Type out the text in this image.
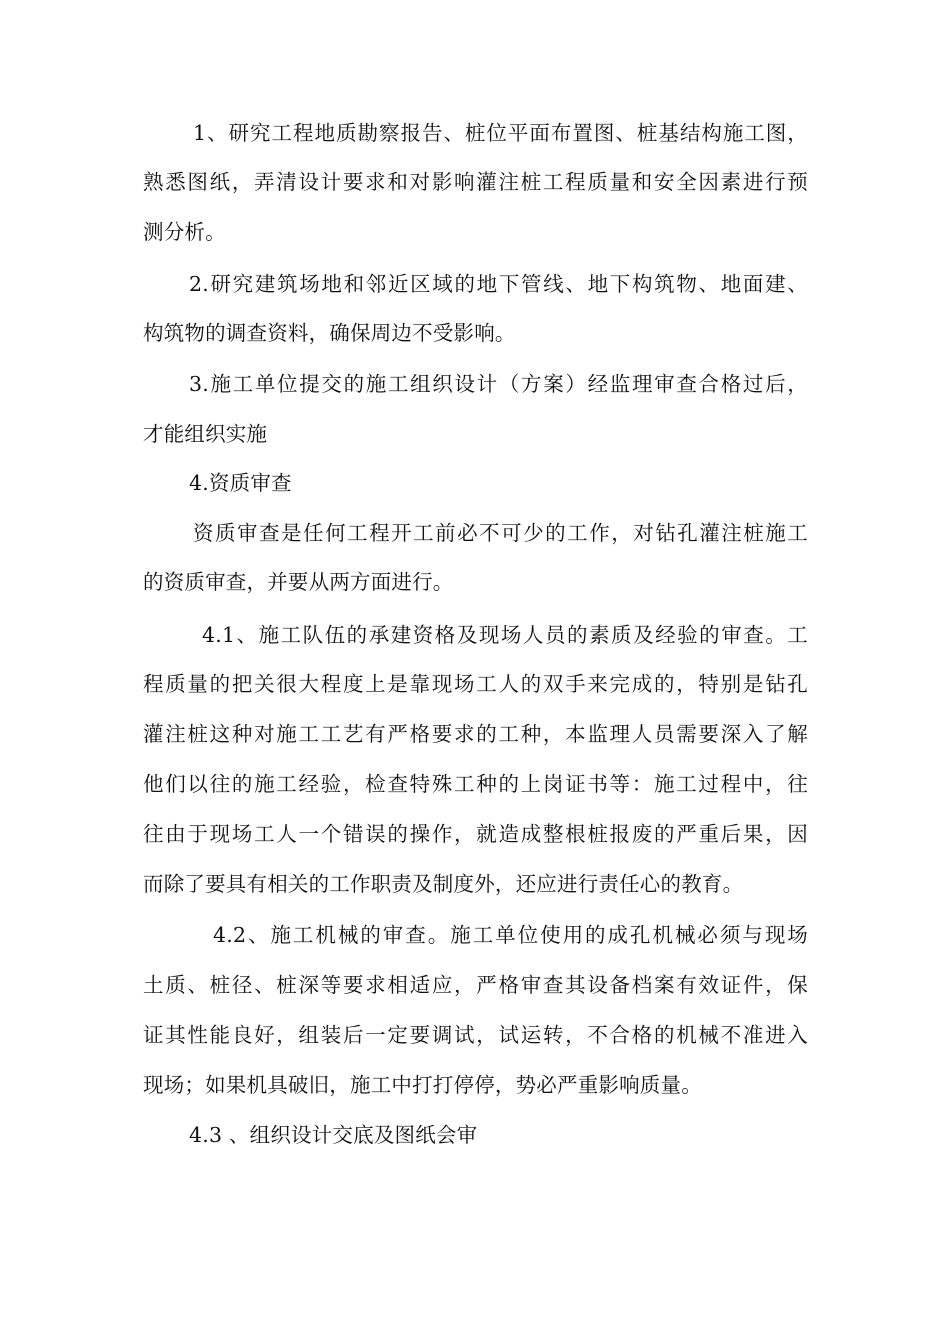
1、研究工程地质勘察报告、桩位平面布置图、桩基结构施工图，
熟悉图纸，弄清设计要求和对影响灌注桩工程质量和安全因素进行预
测分析。
2.研究建筑场地和邻近区域的地下管线、地下构筑物、地面建、
构筑物的调查资料，确保周边不受影响。
3.施工单位提交的施工组织设计（方案）经监理审查合格过后，
才能组织实施
4.资质审查
资质审查是任何工程开工前必不可少的工作，对钻孔灌注桩施工
的资质审查，并要从两方面进行。
4.1、施工队伍的承建资格及现场人员的素质及经验的审查。工
程质量的把关很大程度上是靠现场工人的双手来完成的，特别是钻孔
灌注桩这种对施工工艺有严格要求的工种，本监理人员需要深入了解
他们以往的施工经验，检查特殊工种的上岗证书等：施工过程中，往
往由于现场工人一个错误的操作，就造成整根桩报废的严重后果，因
而除了要具有相关的工作职责及制度外，还应进行责任心的教育。
4.2、施工机械的审查。施工单位使用的成孔机械必须与现场
土质、桩径、桩深等要求相适应，严格审查其设备档案有效证件，保
证其性能良好，组装后一定要调试，试运转，不合格的机械不准进入
现场；如果机具破旧，施工中打打停停，势必严重影响质量。
4.3 、组织设计交底及图纸会审
